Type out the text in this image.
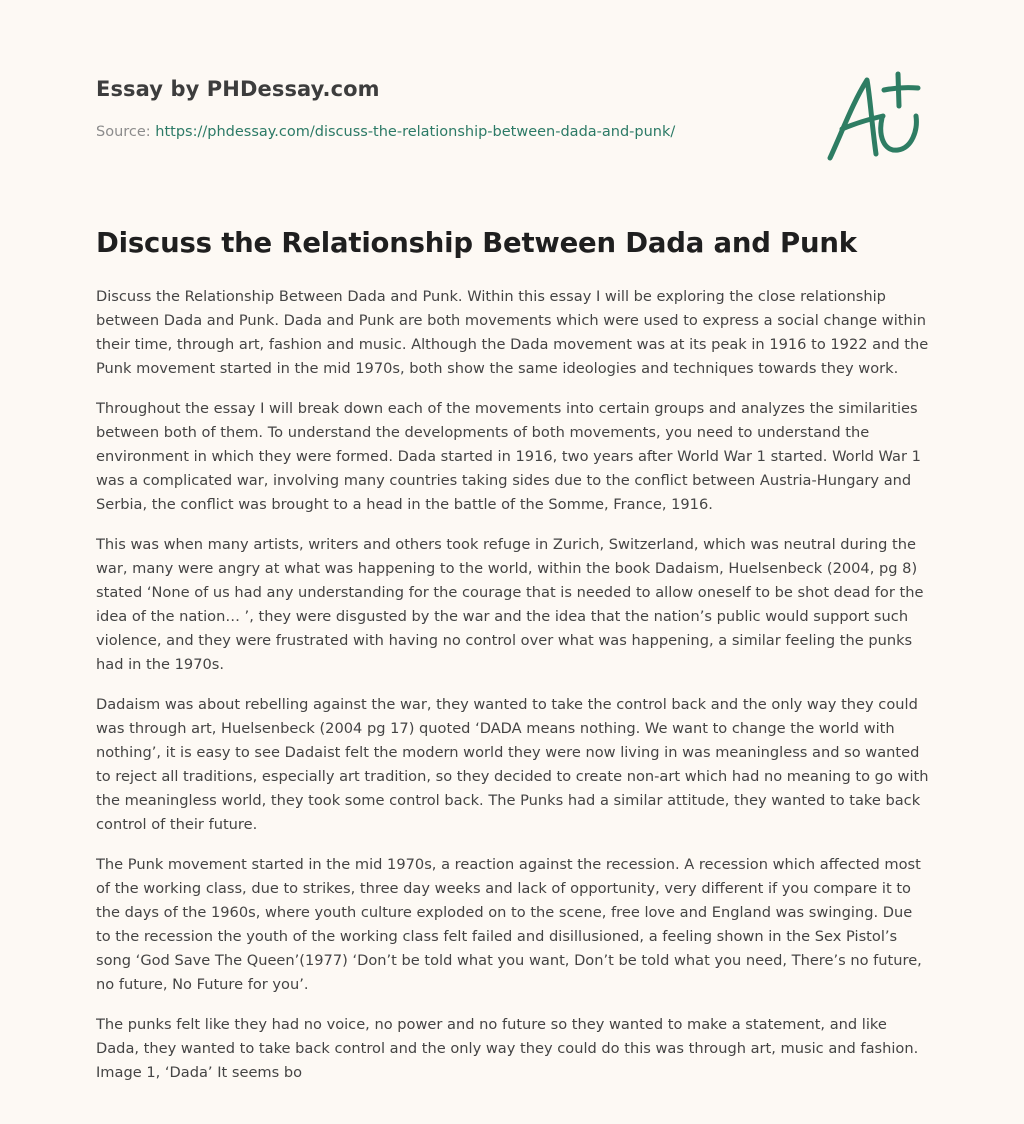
Essay by PHDessay.com
Source: https://phdessay.com/discuss-the-relationship-between-dada-and-punk/
Discuss the Relationship Between Dada and Punk

Discuss the Relationship Between Dada and Punk. Within this essay I will be exploring the close relationship between Dada and Punk. Dada and Punk are both movements which were used to express a social change within their time, through art, fashion and music. Although the Dada movement was at its peak in 1916 to 1922 and the Punk movement started in the mid 1970s, both show the same ideologies and techniques towards they work.

Throughout the essay I will break down each of the movements into certain groups and analyzes the similarities between both of them. To understand the developments of both movements, you need to understand the environment in which they were formed. Dada started in 1916, two years after World War 1 started. World War 1 was a complicated war, involving many countries taking sides due to the conflict between Austria-Hungary and Serbia, the conflict was brought to a head in the battle of the Somme, France, 1916.

This was when many artists, writers and others took refuge in Zurich, Switzerland, which was neutral during the war, many were angry at what was happening to the world, within the book Dadaism, Huelsenbeck (2004, pg 8) stated ‘None of us had any understanding for the courage that is needed to allow oneself to be shot dead for the idea of the nation… ’, they were disgusted by the war and the idea that the nation’s public would support such violence, and they were frustrated with having no control over what was happening, a similar feeling the punks had in the 1970s.

Dadaism was about rebelling against the war, they wanted to take the control back and the only way they could was through art, Huelsenbeck (2004 pg 17) quoted ‘DADA means nothing. We want to change the world with nothing’, it is easy to see Dadaist felt the modern world they were now living in was meaningless and so wanted to reject all traditions, especially art tradition, so they decided to create non-art which had no meaning to go with the meaningless world, they took some control back. The Punks had a similar attitude, they wanted to take back control of their future.

The Punk movement started in the mid 1970s, a reaction against the recession. A recession which affected most of the working class, due to strikes, three day weeks and lack of opportunity, very different if you compare it to the days of the 1960s, where youth culture exploded on to the scene, free love and England was swinging. Due to the recession the youth of the working class felt failed and disillusioned, a feeling shown in the Sex Pistol’s song ‘God Save The Queen’(1977) ‘Don’t be told what you want, Don’t be told what you need, There’s no future, no future, No Future for you’.

The punks felt like they had no voice, no power and no future so they wanted to make a statement, and like Dada, they wanted to take back control and the only way they could do this was through art, music and fashion. Image 1, ‘Dada’ It seems bo
